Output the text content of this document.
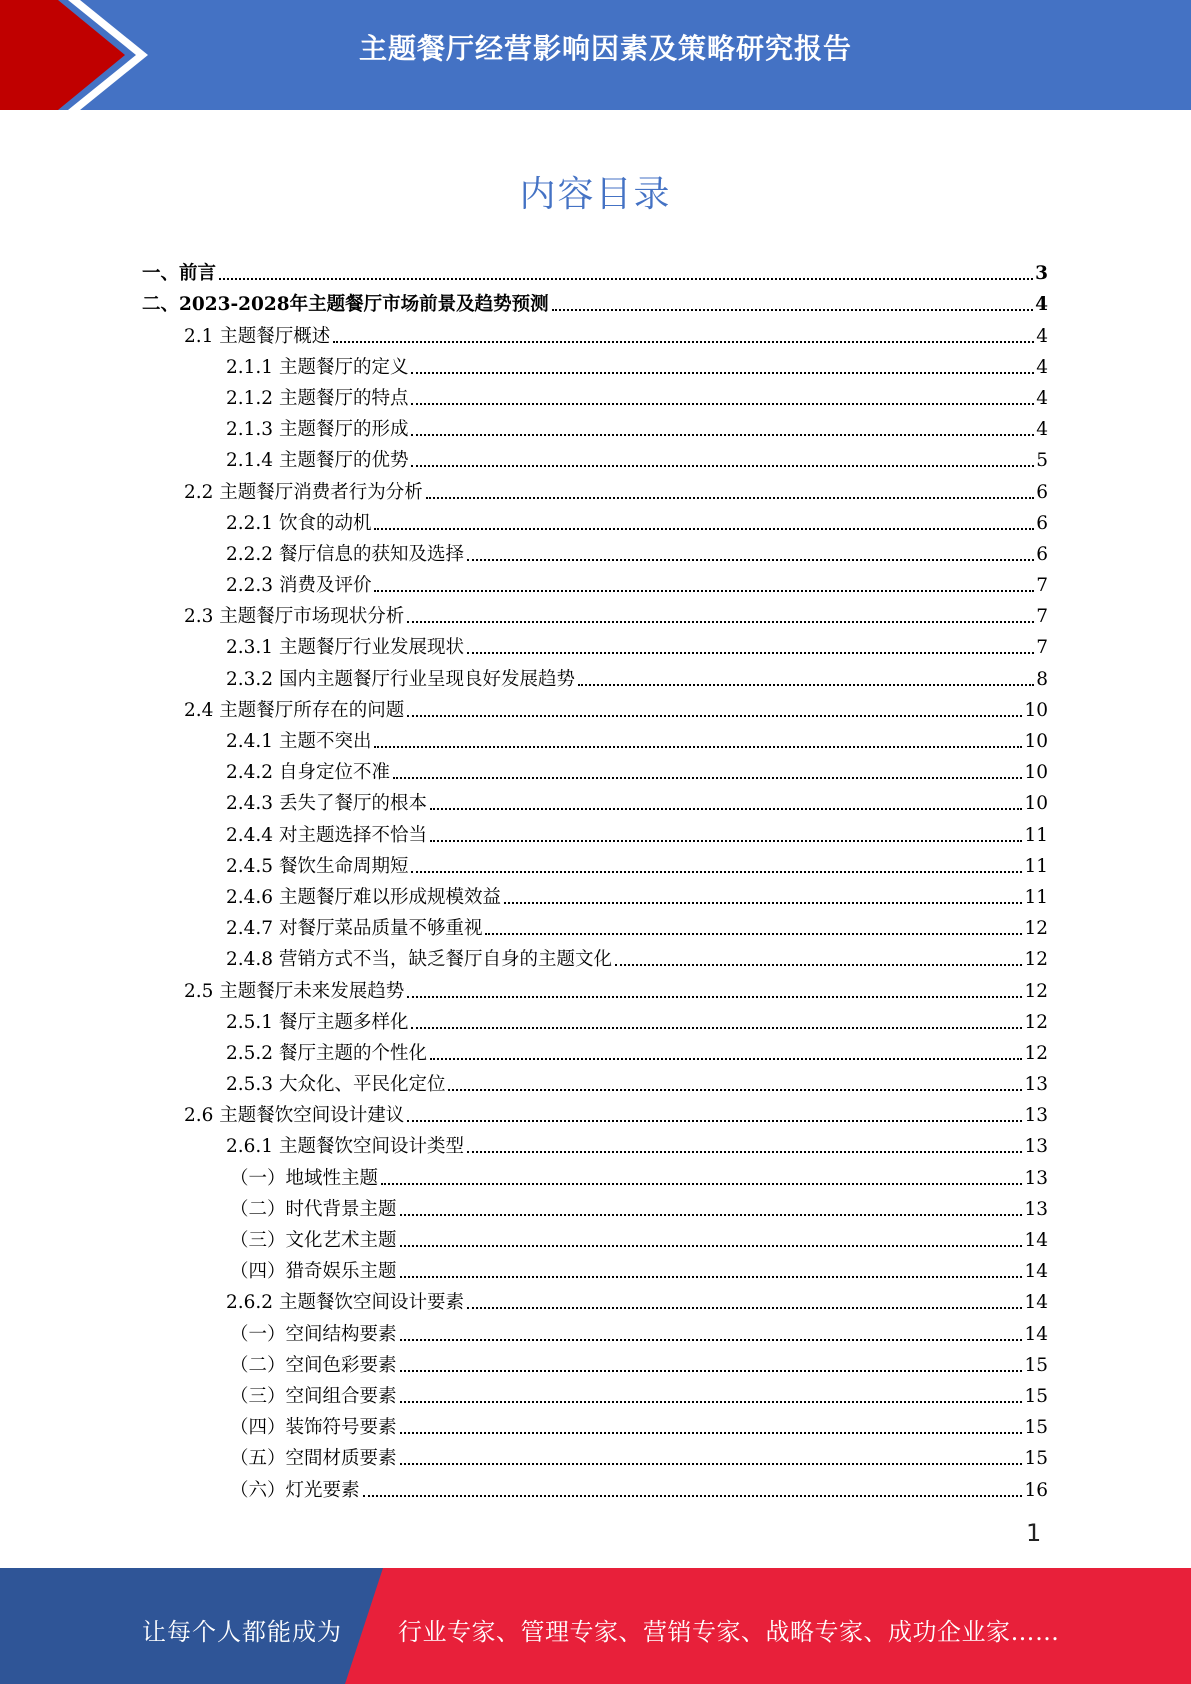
主题餐厅经营影响因素及策略研究报告
内容目录
一、前言	3
二、2023-2028年主题餐厅市场前景及趋势预测	4
2.1 主题餐厅概述	4
2.1.1 主题餐厅的定义	4
2.1.2 主题餐厅的特点	4
2.1.3 主题餐厅的形成	4
2.1.4 主题餐厅的优势	5
2.2 主题餐厅消费者行为分析	6
2.2.1 饮食的动机	6
2.2.2 餐厅信息的获知及选择	6
2.2.3 消费及评价	7
2.3 主题餐厅市场现状分析	7
2.3.1 主题餐厅行业发展现状	7
2.3.2 国内主题餐厅行业呈现良好发展趋势	8
2.4 主题餐厅所存在的问题	10
2.4.1 主题不突出	10
2.4.2 自身定位不准	10
2.4.3 丢失了餐厅的根本	10
2.4.4 对主题选择不恰当	11
2.4.5 餐饮生命周期短	11
2.4.6 主题餐厅难以形成规模效益	11
2.4.7 对餐厅菜品质量不够重视	12
2.4.8 营销方式不当，缺乏餐厅自身的主题文化	12
2.5 主题餐厅未来发展趋势	12
2.5.1 餐厅主题多样化	12
2.5.2 餐厅主题的个性化	12
2.5.3 大众化、平民化定位	13
2.6 主题餐饮空间设计建议	13
2.6.1 主题餐饮空间设计类型	13
（一）地域性主题	13
（二）时代背景主题	13
（三）文化艺术主题	14
（四）猎奇娱乐主题	14
2.6.2 主题餐饮空间设计要素	14
（一）空间结构要素	14
（二）空间色彩要素	15
（三）空间组合要素	15
（四）装饰符号要素	15
（五）空間材质要素	15
（六）灯光要素	16
1
让每个人都能成为 行业专家、管理专家、营销专家、战略专家、成功企业家……
